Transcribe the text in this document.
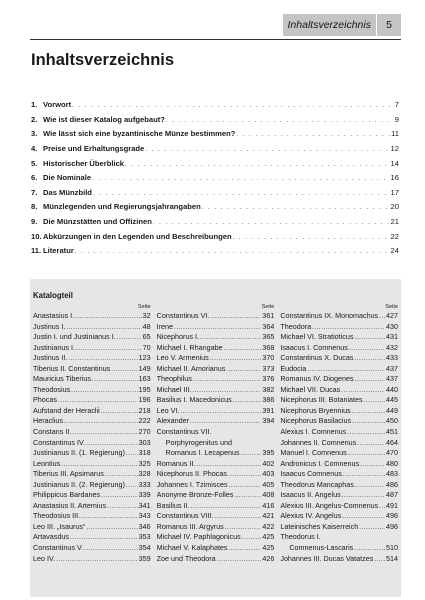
Inhaltsverzeichnis	5
Inhaltsverzeichnis
1. Vorwort . . .	7
2. Wie ist dieser Katalog aufgebaut? . . .	9
3. Wie lässt sich eine byzantinische Münze bestimmen? . . .	11
4. Preise und Erhaltungsgrade . . .	12
5. Historischer Überblick . . .	14
6. Die Nominale . . .	16
7. Das Münzbild . . .	17
8. Münzlegenden und Regierungsjahrangaben . . .	20
9. Die Münzstätten und Offizinen . . .	21
10. Abkürzungen in den Legenden und Beschreibungen . . .	22
11. Literatur . . .	24
Katalogteil
Seite
Anastasius I. .....	32
Justinus I. .....	48
Justin I. und Justinianus I. .....	65
Justinianus I. .....	70
Justinus II. .....	123
Tiberius II. Constantinus .....	149
Mauricius Tiberius .....	163
Theodosius .....	195
Phocas .....	196
Aufstand der Heraclii .....	218
Heraclius .....	222
Constans II. .....	270
Constantinus IV. .....	303
Justinianus II. (1. Regierung) ..... 318
Leontius .....	325
Tiberius III. Apsimarus .....	328
Justinianus II. (2. Regierung) ..... 333
Philippicus Bardanes .....	339
Anastasius II. Artemius .....	341
Theodosius III. .....	343
Leo III. „Isaurus“ .....	346
Artavasdus .....	353
Constantinus V. .....	354
Leo IV. .....	359
Seite
Constantinus VI. .....	361
Irene .....	364
Nicephorus I. .....	365
Michael I. Rhangabe .....	368
Leo V. Armenius .....	370
Michael II. Amorianus .....	373
Theophilus .....	376
Michael III. .....	382
Basilius I. Macedonicus .....	386
Leo VI. .....	391
Alexander .....	394
Constantinus VII.
Porphyrogenitus und
Romanus I. Lecapenus .....	395
Romanus II. .....	402
Nicephorus II. Phocas .....	403
Johannes I. Tzimisces .....	405
Anonyme Bronze-Folles .....	408
Basilius II. .....	416
Constantinus VIII. .....	421
Romanus III. Argyrus .....	422
Michael IV. Paphlagonicus .....	425
Michael V. Kalaphates .....	425
Zoe und Theodora .....	426
Seite
Constantinus IX. Monomachus ..... 427
Theodora .....	430
Michael VI. Stratioticus .....	431
Isaacus I. Comnenus .....	432
Constantinus X. Ducas .....	433
Eudocia .....	437
Romanus IV. Diogenes .....	437
Michael VII. Ducas .....	440
Nicephorus III. Botaniates .....	445
Nicephorus Bryennius .....	449
Nicephorus Basilacius .....	450
Alexius I. Comnenus .....	451
Johannes II. Comnenus .....	464
Manuel I. Comnenus .....	470
Andronicus I. Comnenus .....	480
Isaacus Comnenus .....	483
Theodorus Mancaphas .....	486
Isaacus II. Angelus .....	487
Alexius III. Angelus-Comnenus ..... 491
Alexius IV. Angelus .....	496
Lateinisches Kaiserreich .....	496
Theodorus I.
Comnenus-Lascaris .....	510
Johannes III. Ducas Vatatzes ..... 514
